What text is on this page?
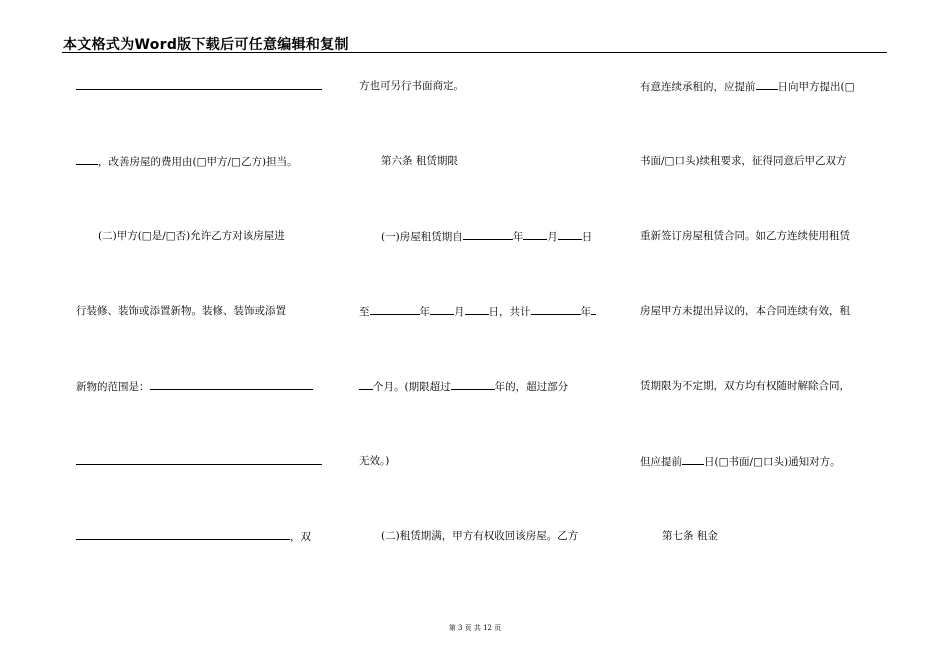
本文格式为Word版下载后可任意编辑和复制
，改善房屋的费用由(□甲方/□乙方)担当。
(二)甲方(□是/□否)允许乙方对该房屋进
行装修、装饰或添置新物。装修、装饰或添置
新物的范围是：
，双
方也可另行书面商定。
第六条 租赁期限
(一)房屋租赁期自	年 月 日
至	年 月 日，共计	年
个月。(期限超过	年的，超过部分
无效。)
(二)租赁期满，甲方有权收回该房屋。乙方
有意连续承租的，应提前 日向甲方提出(□
书面/□口头)续租要求，征得同意后甲乙双方
重新签订房屋租赁合同。如乙方连续使用租赁
房屋甲方未提出异议的，本合同连续有效，租
赁期限为不定期，双方均有权随时解除合同，
但应提前 日(□书面/□口头)通知对方。
第七条 租金
第 3 页 共 12 页
